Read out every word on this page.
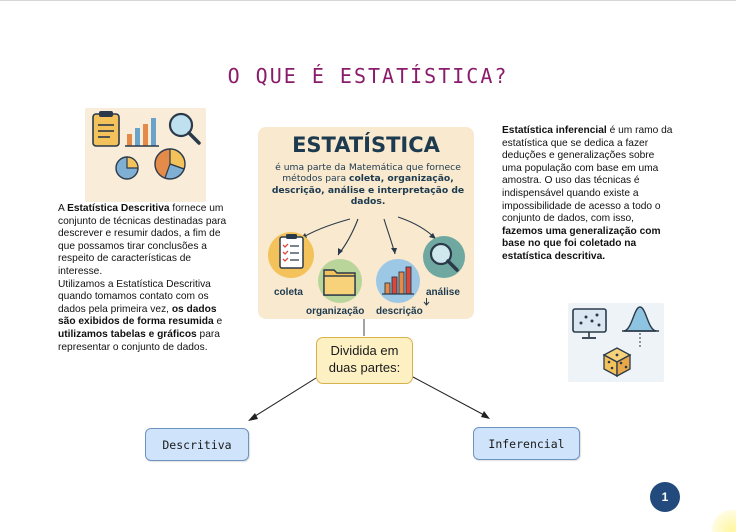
O QUE É ESTATÍSTICA?
A Estatística Descritiva fornece um conjunto de técnicas destinadas para descrever e resumir dados, a fim de que possamos tirar conclusões a respeito de características de interesse.
Utilizamos a Estatística Descritiva quando tomamos contato com os dados pela primeira vez, os dados são exibidos de forma resumida e utilizamos tabelas e gráficos para representar o conjunto de dados.
ESTATÍSTICA
é uma parte da Matemática que fornece métodos para coleta, organização, descrição, análise e interpretação de dados.
coleta
organização descrição
análise
Estatística inferencial é um ramo da estatística que se dedica a fazer deduções e generalizações sobre uma população com base em uma amostra. O uso das técnicas é indispensável quando existe a impossibilidade de acesso a todo o conjunto de dados, com isso, fazemos uma generalização com base no que foi coletado na estatística descritiva.
Dividida em
duas partes:
Descritiva	Inferencial
1
